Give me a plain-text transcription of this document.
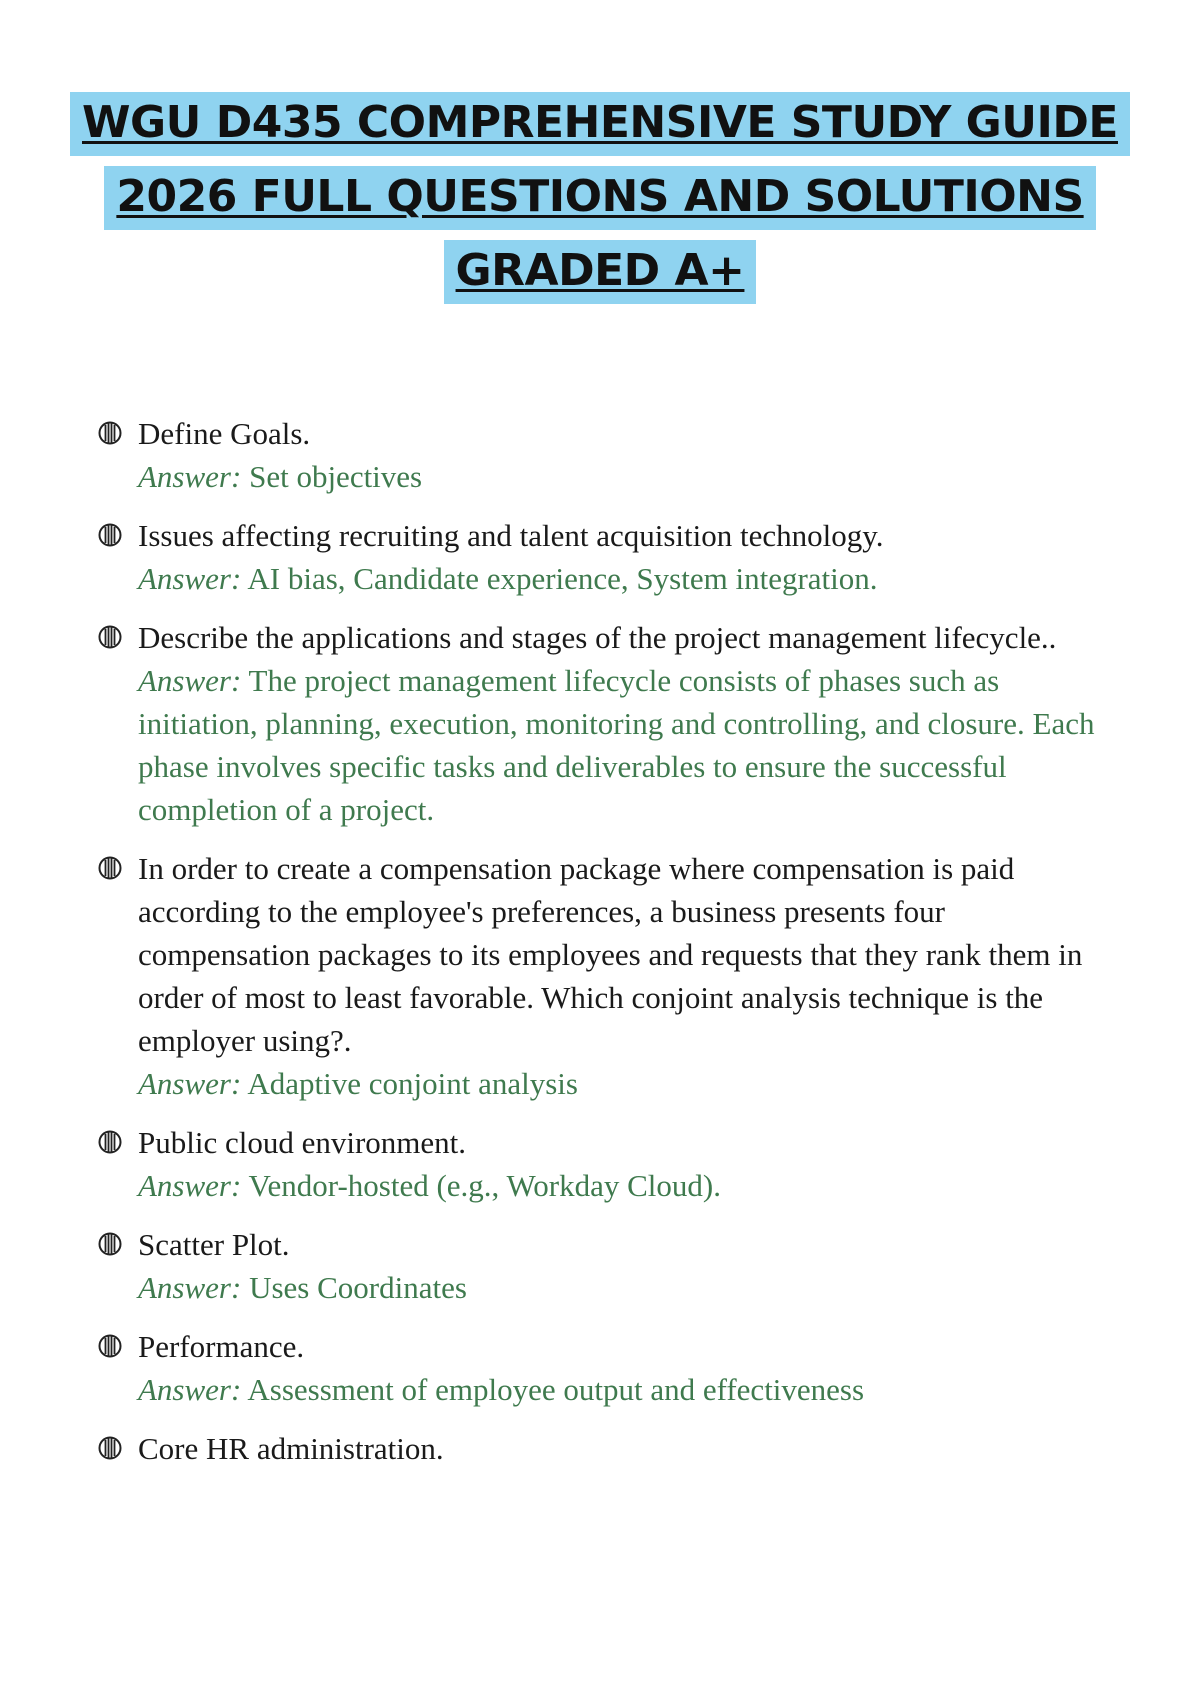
WGU D435 COMPREHENSIVE STUDY GUIDE
2026 FULL QUESTIONS AND SOLUTIONS
GRADED A+
Define Goals.
Answer: Set objectives
Issues affecting recruiting and talent acquisition technology.
Answer: AI bias, Candidate experience, System integration.
Describe the applications and stages of the project management lifecycle..
Answer: The project management lifecycle consists of phases such as initiation, planning, execution, monitoring and controlling, and closure. Each phase involves specific tasks and deliverables to ensure the successful completion of a project.
In order to create a compensation package where compensation is paid according to the employee's preferences, a business presents four compensation packages to its employees and requests that they rank them in order of most to least favorable. Which conjoint analysis technique is the employer using?.
Answer: Adaptive conjoint analysis
Public cloud environment.
Answer: Vendor-hosted (e.g., Workday Cloud).
Scatter Plot.
Answer: Uses Coordinates
Performance.
Answer: Assessment of employee output and effectiveness
Core HR administration.
